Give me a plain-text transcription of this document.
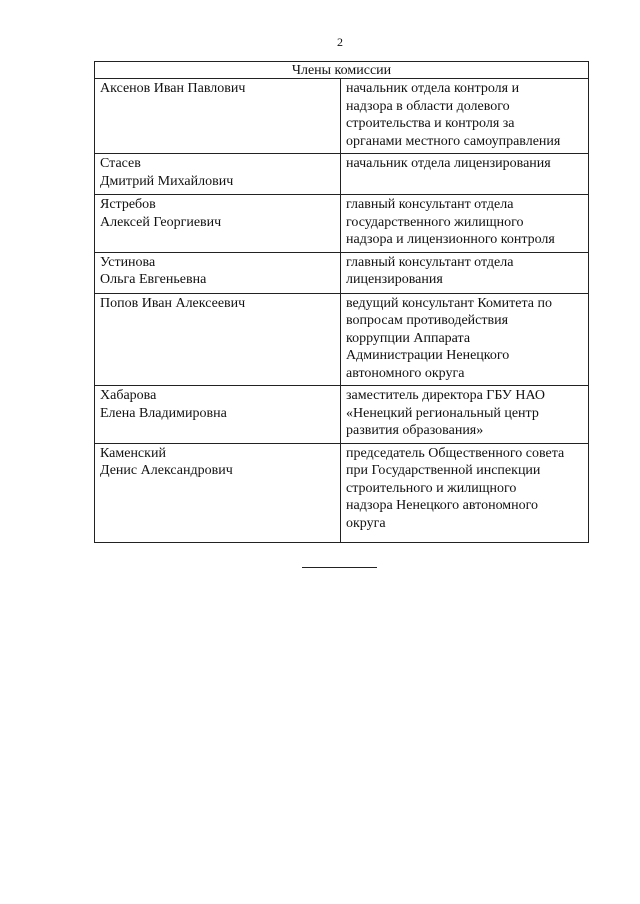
2
Члены комиссии	

Аксенов Иван Павлович	начальник отдела контроля и
надзора в области долевого
строительства и контроля за
органами местного самоуправления

Стасев
Дмитрий Михайлович	начальник отдела лицензирования

Ястребов
Алексей Георгиевич	главный консультант отдела
государственного жилищного
надзора и лицензионного контроля

Устинова
Ольга Евгеньевна	главный консультант отдела
лицензирования

Попов Иван Алексеевич	ведущий консультант Комитета по
вопросам противодействия
коррупции Аппарата
Администрации Ненецкого
автономного округа

Хабарова
Елена Владимировна	заместитель директора ГБУ НАО
«Ненецкий региональный центр
развития образования»

Каменский
Денис Александрович	председатель Общественного совета
при Государственной инспекции
строительного и жилищного
надзора Ненецкого автономного
округа
